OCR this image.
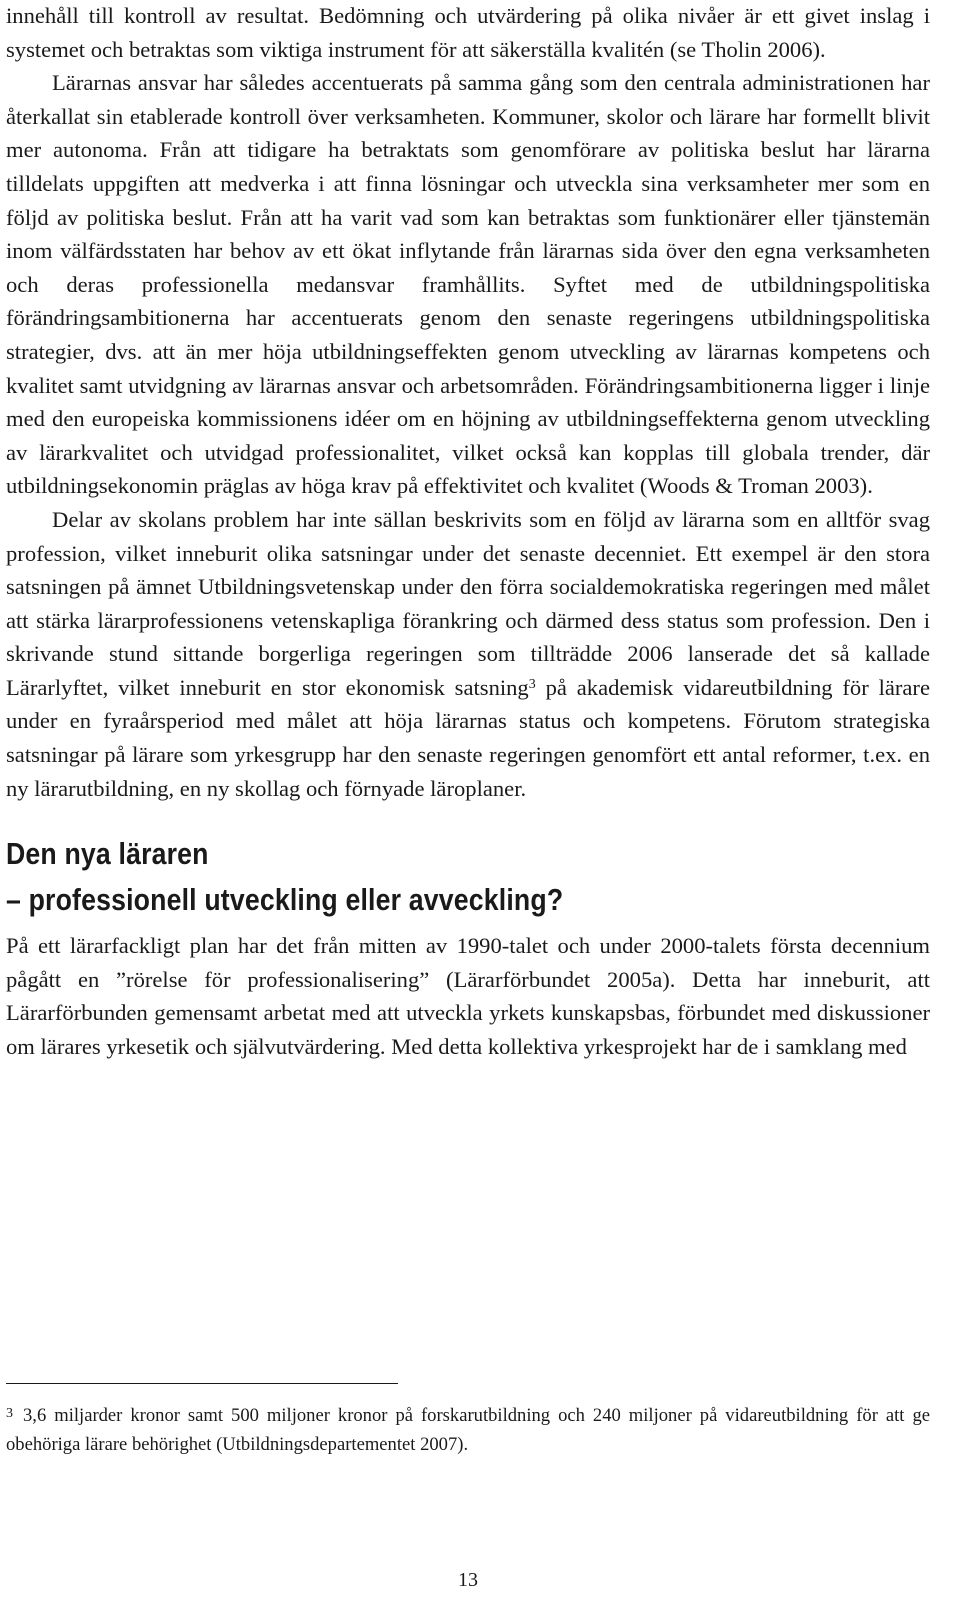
innehåll till kontroll av resultat. Bedömning och utvärdering på olika nivåer är ett givet inslag i systemet och betraktas som viktiga instrument för att säkerställa kvalitén (se Tholin 2006).

Lärarnas ansvar har således accentuerats på samma gång som den centrala administrationen har återkallat sin etablerade kontroll över verksamheten. Kommuner, skolor och lärare har formellt blivit mer autonoma. Från att tidigare ha betraktats som genomförare av politiska beslut har lärarna tilldelats uppgiften att medverka i att finna lösningar och utveckla sina verksamheter mer som en följd av politiska beslut. Från att ha varit vad som kan betraktas som funktionärer eller tjänstemän inom välfärdsstaten har behov av ett ökat inflytande från lärarnas sida över den egna verksamheten och deras professionella medansvar framhållits. Syftet med de utbildningspolitiska förändringsambitionerna har accentuerats genom den senaste regeringens utbildningspolitiska strategier, dvs. att än mer höja utbildningseffekten genom utveckling av lärarnas kompetens och kvalitet samt utvidgning av lärarnas ansvar och arbetsområden. Förändringsambitionerna ligger i linje med den europeiska kommissionens idéer om en höjning av utbildningseffekterna genom utveckling av lärarkvalitet och utvidgad professionalitet, vilket också kan kopplas till globala trender, där utbildningsekonomin präglas av höga krav på effektivitet och kvalitet (Woods & Troman 2003).

Delar av skolans problem har inte sällan beskrivits som en följd av lärarna som en alltför svag profession, vilket inneburit olika satsningar under det senaste decenniet. Ett exempel är den stora satsningen på ämnet Utbildningsvetenskap under den förra socialdemokratiska regeringen med målet att stärka lärarprofessionens vetenskapliga förankring och därmed dess status som profession. Den i skrivande stund sittande borgerliga regeringen som tillträdde 2006 lanserade det så kallade Lärarlyftet, vilket inneburit en stor ekonomisk satsning$^3$ på akademisk vidareutbildning för lärare under en fyraårsperiod med målet att höja lärarnas status och kompetens. Förutom strategiska satsningar på lärare som yrkesgrupp har den senaste regeringen genomfört ett antal reformer, t.ex. en ny lärarutbildning, en ny skollag och förnyade läroplaner.

Den nya läraren
– professionell utveckling eller avveckling?

På ett lärarfackligt plan har det från mitten av 1990-talet och under 2000-talets första decennium pågått en ”rörelse för professionalisering” (Lärarförbundet 2005a). Detta har inneburit, att Lärarförbunden gemensamt arbetat med att utveckla yrkets kunskapsbas, förbundet med diskussioner om lärares yrkesetik och självutvärdering. Med detta kollektiva yrkesprojekt har de i samklang med

$^3$ 3,6 miljarder kronor samt 500 miljoner kronor på forskarutbildning och 240 miljoner på vidareutbildning för att ge obehöriga lärare behörighet (Utbildningsdepartementet 2007).

13
